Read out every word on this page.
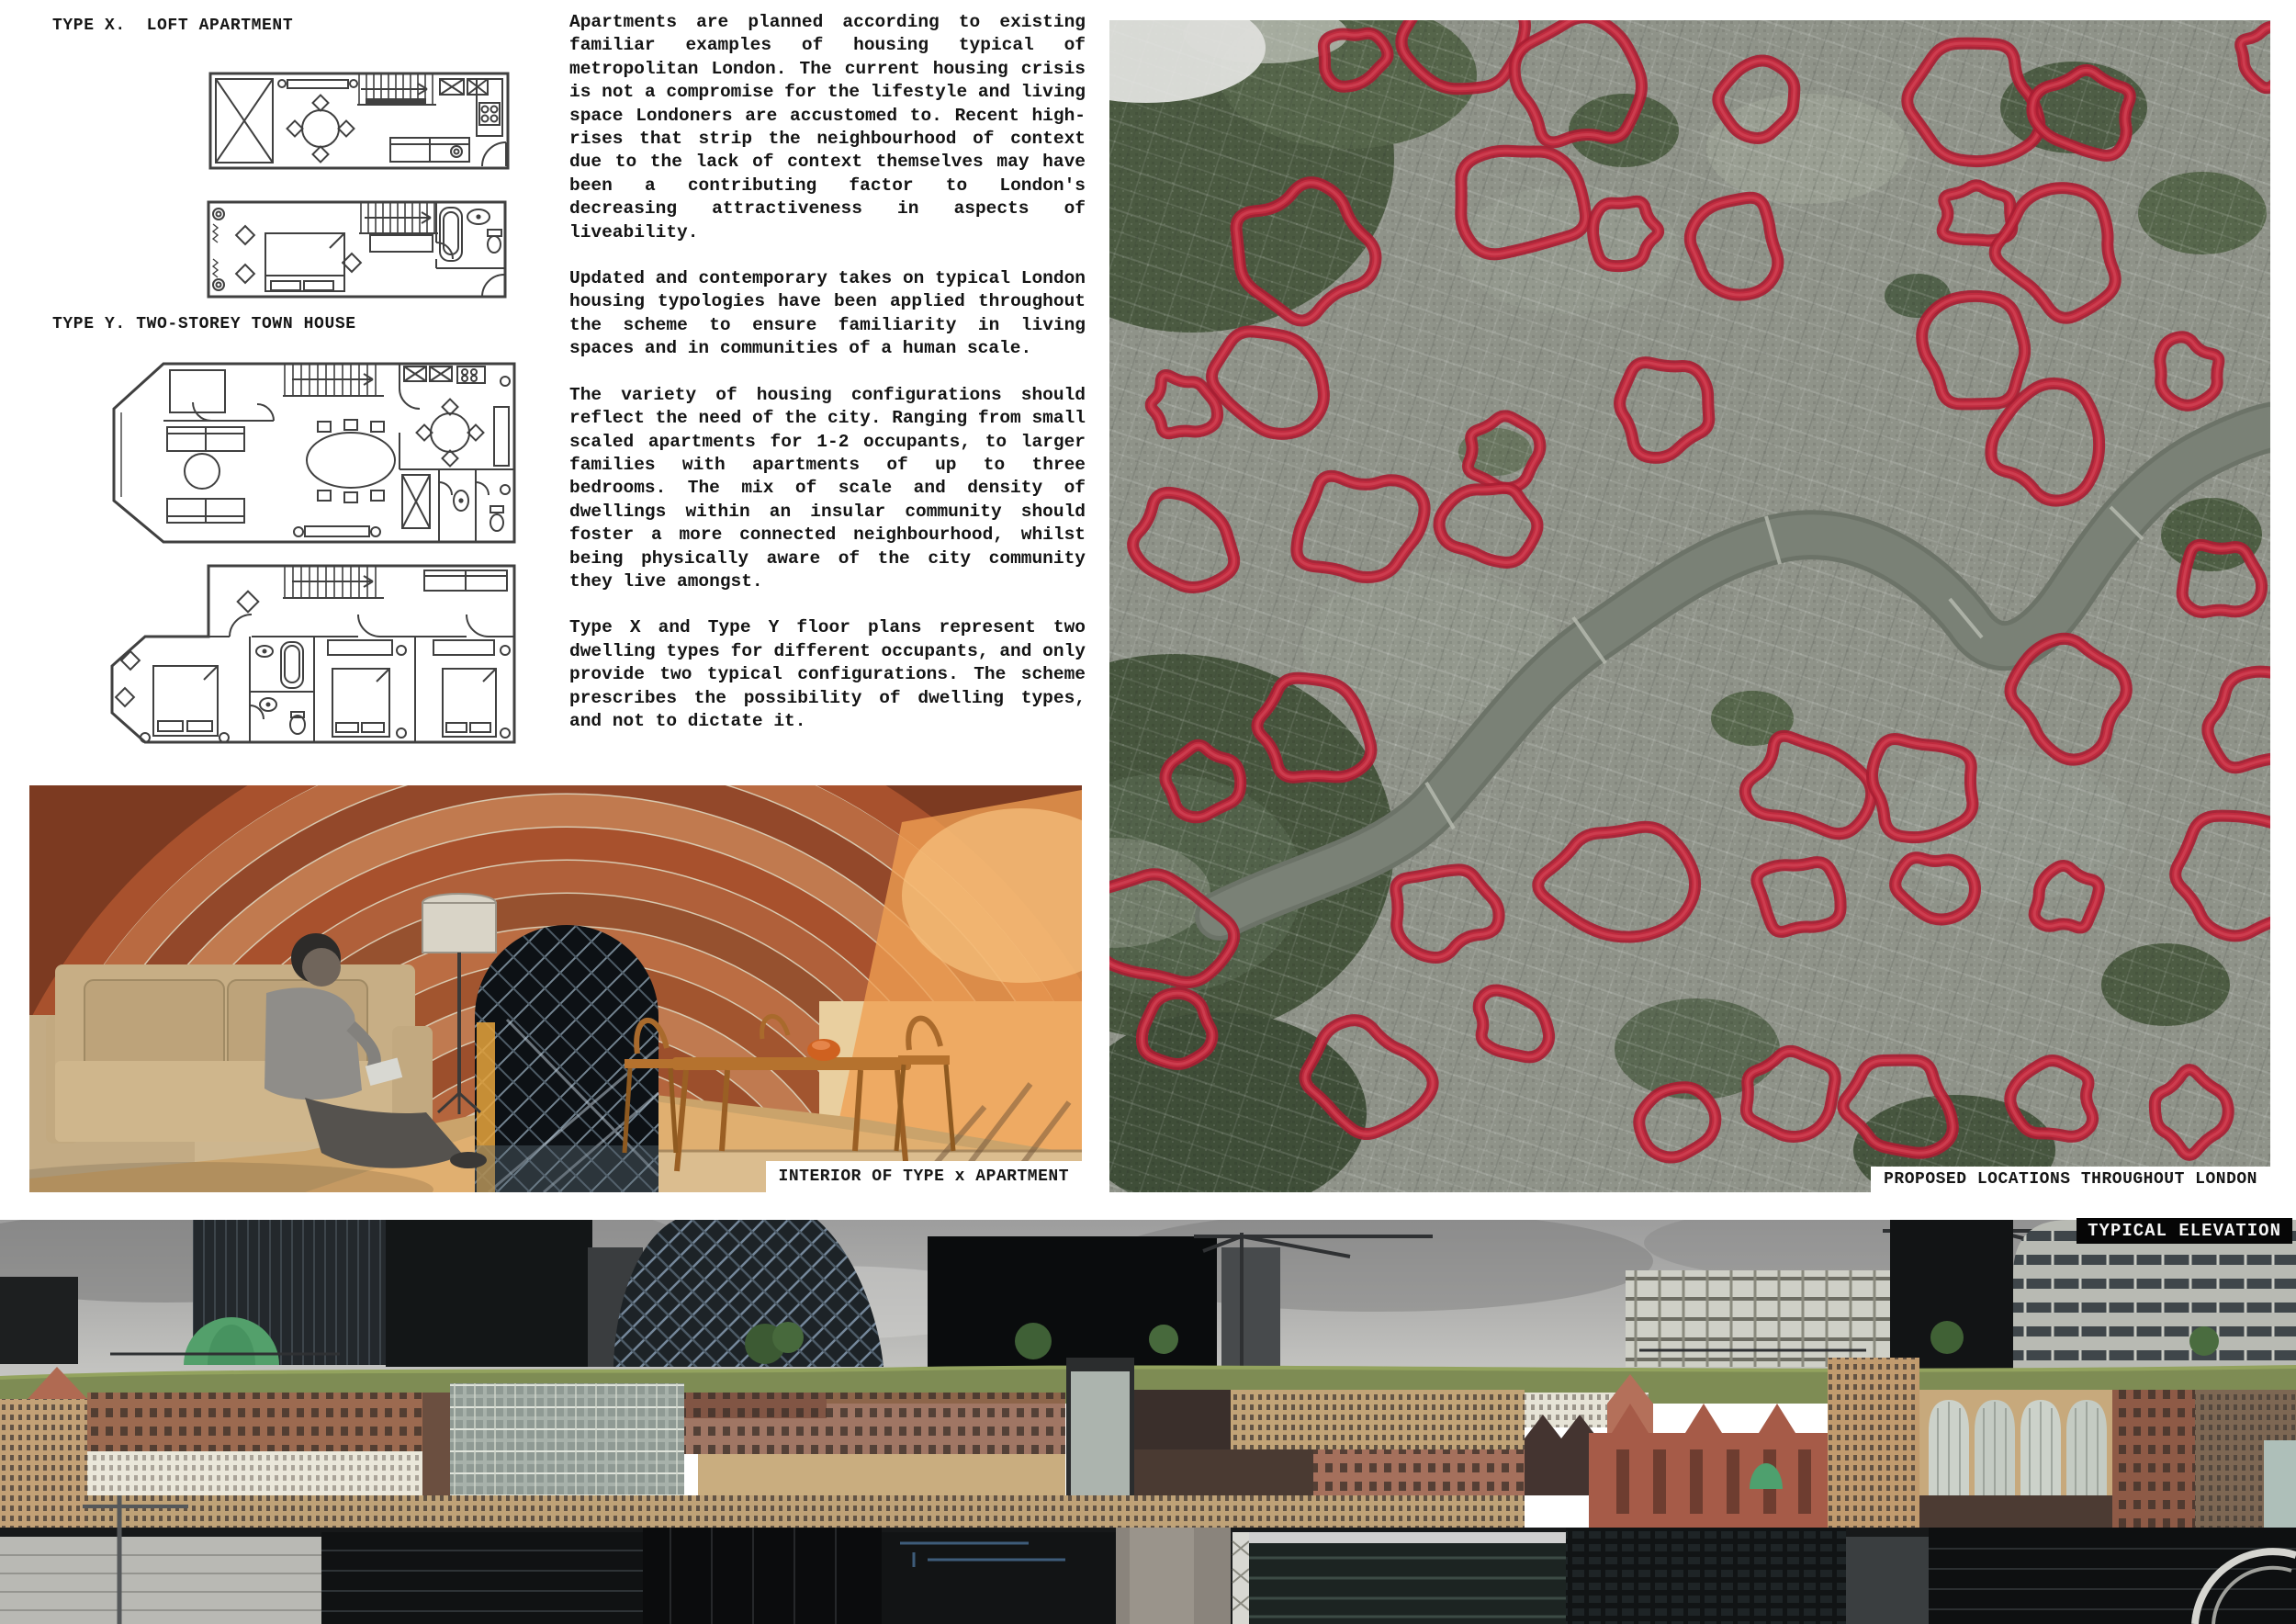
TYPE X.  LOFT APARTMENT
TYPE Y. TWO-STOREY TOWN HOUSE

Apartments are planned according to existing familiar examples of housing typical of metropolitan London. The current housing crisis is not a compromise for the lifestyle and living space Londoners are accustomed to. Recent high-rises that strip the neighbourhood of context due to the lack of context themselves may have been a contributing factor to London's decreasing attractiveness in aspects of liveability.

Updated and contemporary takes on typical London housing typologies have been applied throughout the scheme to ensure familiarity in living spaces and in communities of a human scale.

The variety of housing configurations should reflect the need of the city. Ranging from small scaled apartments for 1-2 occupants, to larger families with apartments of up to three bedrooms. The mix of scale and density of dwellings within an insular community should foster a more connected neighbourhood, whilst being physically aware of the city community they live amongst.

Type X and Type Y floor plans represent two dwelling types for different occupants, and only provide two typical configurations. The scheme prescribes the possibility of dwelling types, and not to dictate it.

INTERIOR OF TYPE x APARTMENT	PROPOSED LOCATIONS THROUGHOUT LONDON
TYPICAL ELEVATION
